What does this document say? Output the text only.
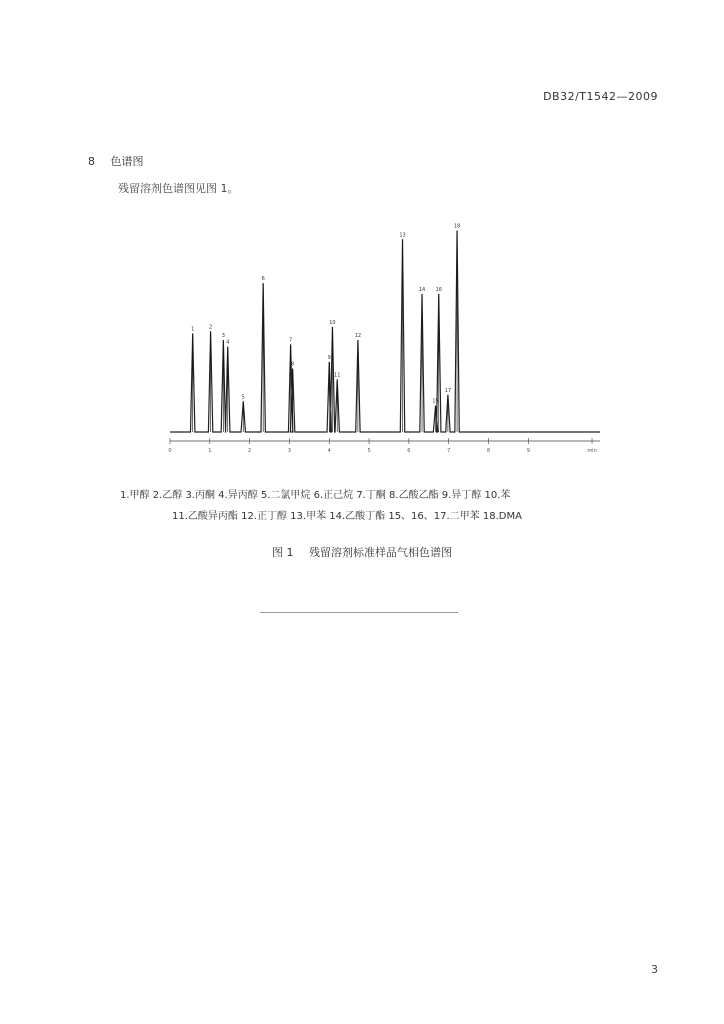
DB32/T1542—2009
8 色谱图
残留溶剂色谱图见图 1。
0	1	2	3	4	5	6	7	8	9	min
1	2
3
4
5
6
7
8
9
10
11
12
13
14
15
16
17
18
1.甲醇 2.乙醇 3.丙酮 4.异丙醇 5.二氯甲烷 6.正己烷 7.丁酮 8.乙酸乙酯 9.异丁醇 10.苯
11.乙酸异丙酯 12.正丁醇 13.甲苯 14.乙酸丁酯 15、16、17.二甲苯 18.DMA
图 1 残留溶剂标准样品气相色谱图
3
